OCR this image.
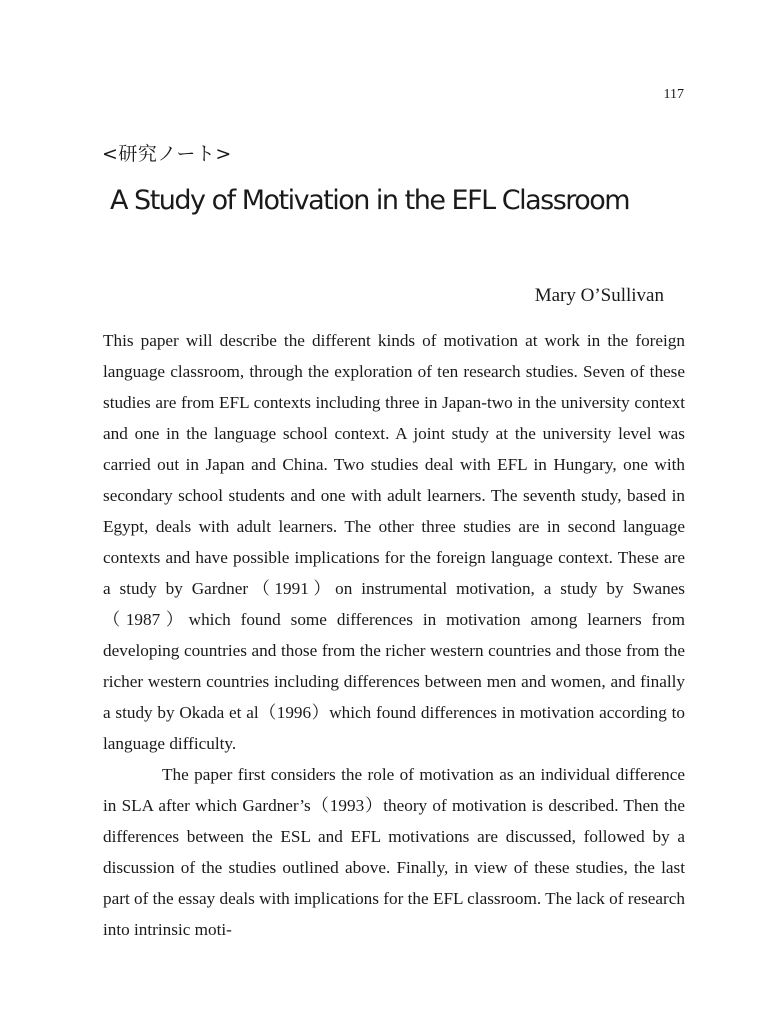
117
<研究ノート>
A Study of Motivation in the EFL Classroom
Mary O’Sullivan

This paper will describe the different kinds of motivation at work in the foreign language classroom, through the exploration of ten research studies. Seven of these studies are from EFL contexts including three in Japan-two in the university context and one in the language school context. A joint study at the university level was carried out in Japan and China. Two studies deal with EFL in Hungary, one with secondary school students and one with adult learners. The seventh study, based in Egypt, deals with adult learners. The other three studies are in second language contexts and have possible implications for the foreign language context. These are a study by Gardner（1991）on instrumental motivation, a study by Swanes（1987）which found some differences in motivation among learners from developing countries and those from the richer western countries and those from the richer western countries including differences between men and women, and finally a study by Okada et al（1996）which found differences in motivation according to language difficulty.

The paper first considers the role of motivation as an individual difference in SLA after which Gardner’s（1993）theory of motivation is described. Then the differences between the ESL and EFL motivations are discussed, followed by a discussion of the studies outlined above. Finally, in view of these studies, the last part of the essay deals with implications for the EFL classroom. The lack of research into intrinsic moti-
